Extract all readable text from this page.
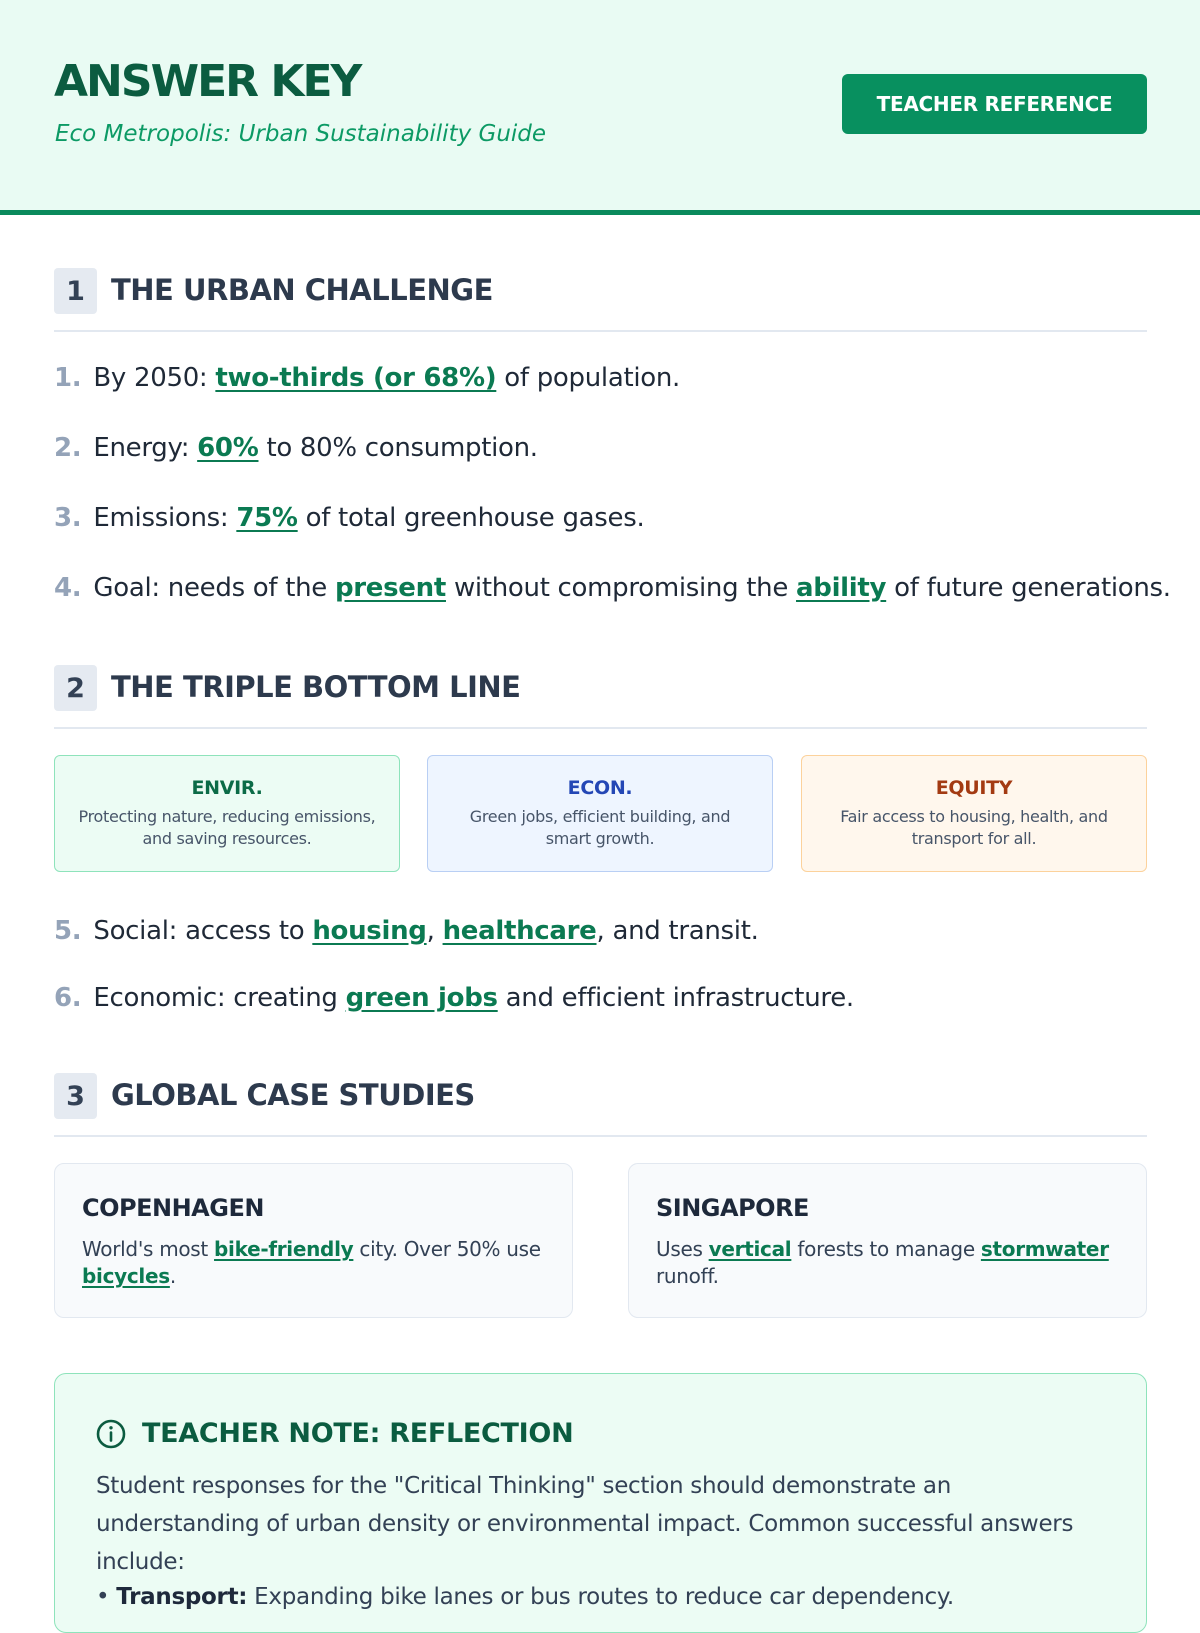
ANSWER KEY
Eco Metropolis: Urban Sustainability Guide
TEACHER REFERENCE
1 THE URBAN CHALLENGE
1. By 2050: two-thirds (or 68%) of population.
2. Energy: 60% to 80% consumption.
3. Emissions: 75% of total greenhouse gases.
4. Goal: needs of the present without compromising the ability of future generations.
2 THE TRIPLE BOTTOM LINE
ENVIR.
Protecting nature, reducing emissions, and saving resources.
ECON.
Green jobs, efficient building, and smart growth.
EQUITY
Fair access to housing, health, and transport for all.
5. Social: access to housing, healthcare, and transit.
6. Economic: creating green jobs and efficient infrastructure.
3 GLOBAL CASE STUDIES
COPENHAGEN
World's most bike-friendly city. Over 50% use bicycles.
SINGAPORE
Uses vertical forests to manage stormwater runoff.
TEACHER NOTE: REFLECTION
Student responses for the "Critical Thinking" section should demonstrate an understanding of urban density or environmental impact. Common successful answers include:
• Transport: Expanding bike lanes or bus routes to reduce car dependency.
